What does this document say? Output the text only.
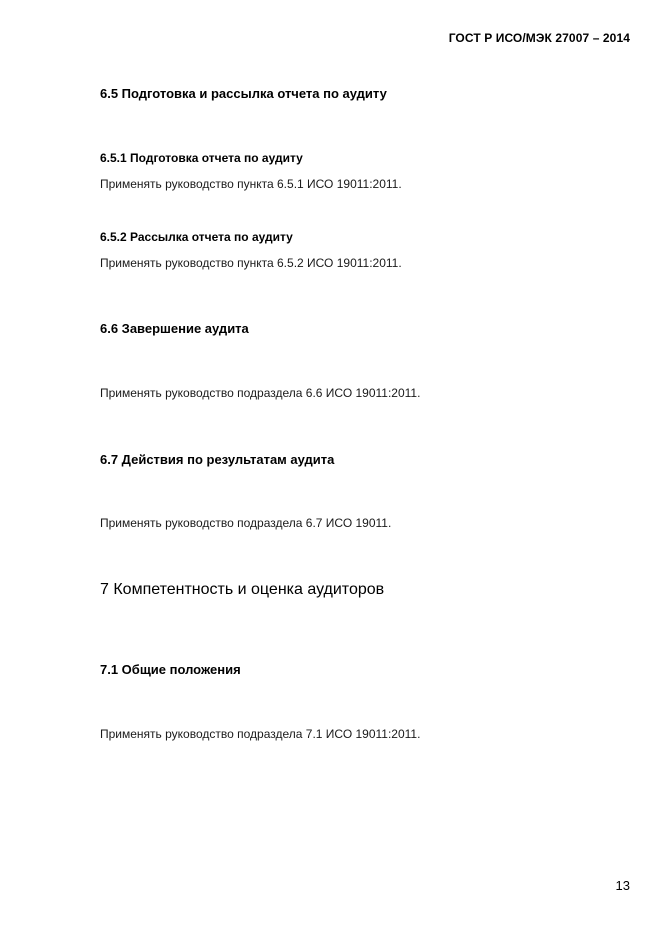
ГОСТ Р ИСО/МЭК 27007 – 2014
6.5 Подготовка и рассылка отчета по аудиту
6.5.1 Подготовка отчета по аудиту
Применять руководство пункта 6.5.1 ИСО 19011:2011.
6.5.2 Рассылка отчета по аудиту
Применять руководство пункта 6.5.2 ИСО 19011:2011.
6.6 Завершение аудита
Применять руководство подраздела 6.6 ИСО 19011:2011.
6.7 Действия по результатам аудита
Применять руководство подраздела 6.7 ИСО 19011.
7 Компетентность и оценка аудиторов
7.1 Общие положения
Применять руководство подраздела 7.1 ИСО 19011:2011.
13
